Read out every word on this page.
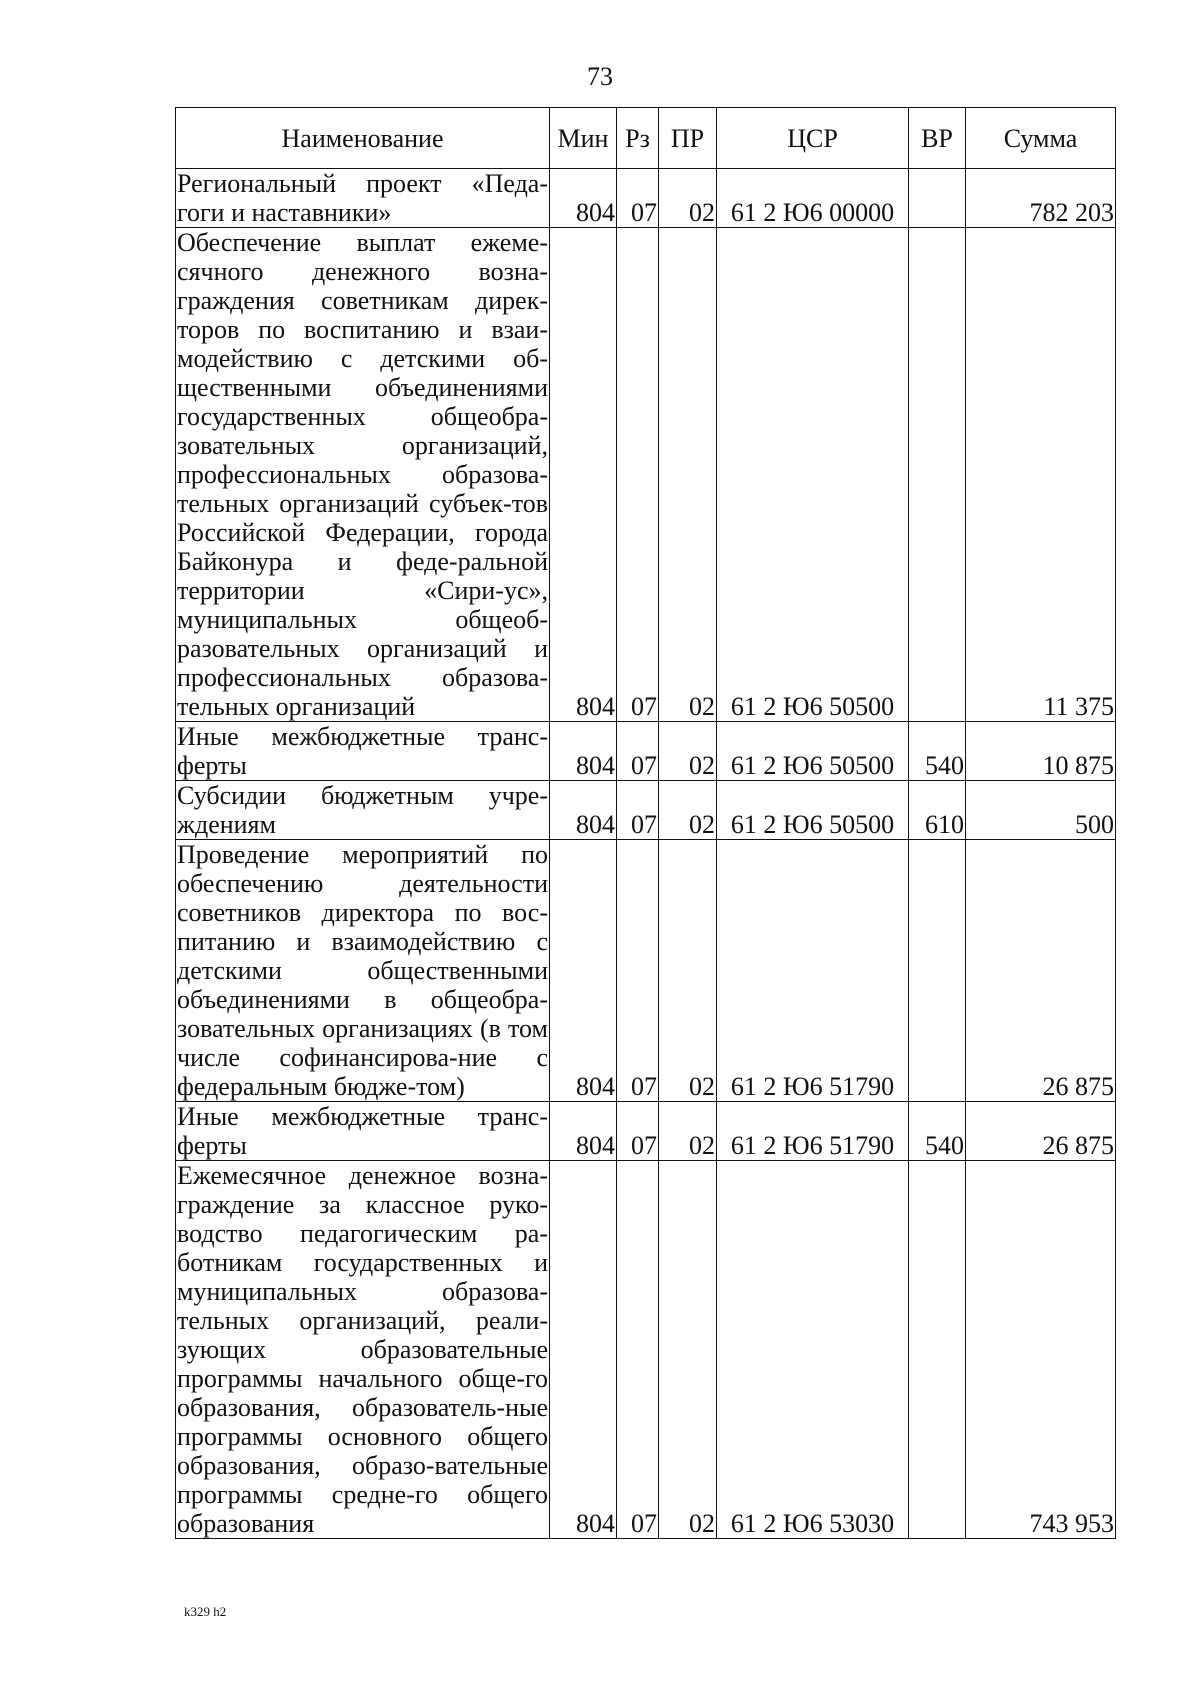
73
Наименование	Мин	Рз	ПР	ЦСР	ВР	Сумма
Региональный проект «Педа-гоги и наставники»	804	07	02	61 2 Ю6 00000		782 203
Обеспечение выплат ежеме-сячного денежного возна-граждения советникам дирек-торов по воспитанию и взаи-модействию с детскими об-щественными объединениями государственных общеобра-зовательных организаций, профессиональных образова-тельных организаций субъек-тов Российской Федерации, города Байконура и феде-ральной территории «Сири-ус», муниципальных общеоб-разовательных организаций и профессиональных образова-тельных организаций	804	07	02	61 2 Ю6 50500		11 375
Иные межбюджетные транс-ферты	804	07	02	61 2 Ю6 50500	540	10 875
Субсидии бюджетным учре-ждениям	804	07	02	61 2 Ю6 50500	610	500
Проведение мероприятий по обеспечению деятельности советников директора по вос-питанию и взаимодействию с детскими общественными объединениями в общеобра-зовательных организациях (в том числе софинансирова-ние с федеральным бюдже-том)	804	07	02	61 2 Ю6 51790		26 875
Иные межбюджетные транс-ферты	804	07	02	61 2 Ю6 51790	540	26 875
Ежемесячное денежное возна-граждение за классное руко-водство педагогическим ра-ботникам государственных и муниципальных образова-тельных организаций, реали-зующих образовательные программы начального обще-го образования, образователь-ные программы основного общего образования, образо-вательные программы средне-го общего образования	804	07	02	61 2 Ю6 53030		743 953
k329 h2
